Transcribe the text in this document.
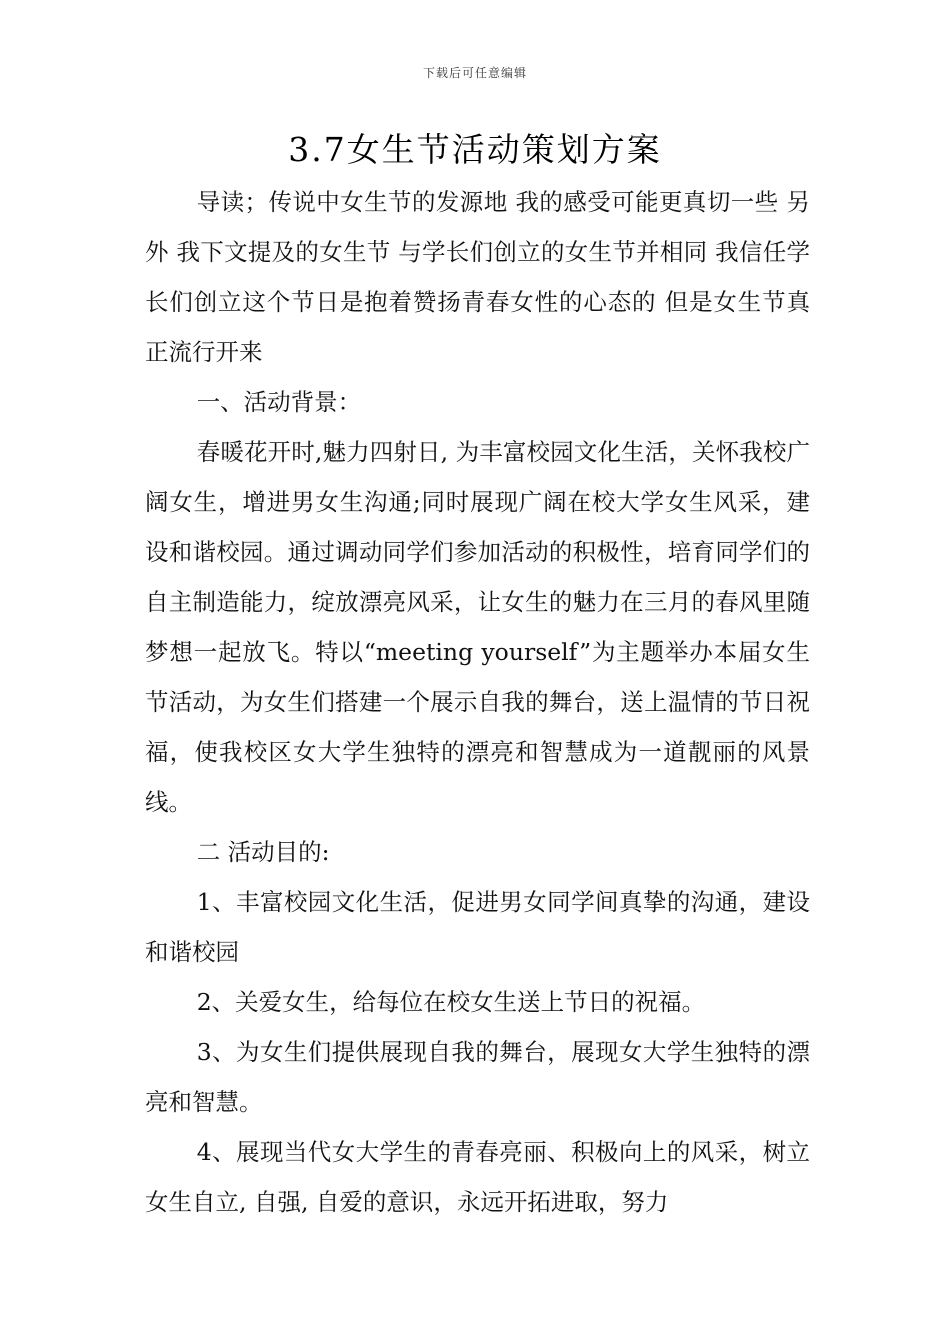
下载后可任意编辑
3.7女生节活动策划方案

导读；传说中女生节的发源地 我的感受可能更真切一些 另外 我下文提及的女生节 与学长们创立的女生节并相同 我信任学长们创立这个节日是抱着赞扬青春女性的心态的 但是女生节真正流行开来

一、活动背景：

春暖花开时,魅力四射日, 为丰富校园文化生活，关怀我校广阔女生，增进男女生沟通;同时展现广阔在校大学女生风采，建设和谐校园。通过调动同学们参加活动的积极性，培育同学们的自主制造能力，绽放漂亮风采，让女生的魅力在三月的春风里随梦想一起放飞。特以“meeting yourself”为主题举办本届女生节活动，为女生们搭建一个展示自我的舞台，送上温情的节日祝福，使我校区女大学生独特的漂亮和智慧成为一道靓丽的风景线。

二 活动目的:

1、丰富校园文化生活，促进男女同学间真挚的沟通，建设和谐校园

2、关爱女生，给每位在校女生送上节日的祝福。

3、为女生们提供展现自我的舞台，展现女大学生独特的漂亮和智慧。

4、展现当代女大学生的青春亮丽、积极向上的风采，树立女生自立, 自强, 自爱的意识，永远开拓进取，努力
